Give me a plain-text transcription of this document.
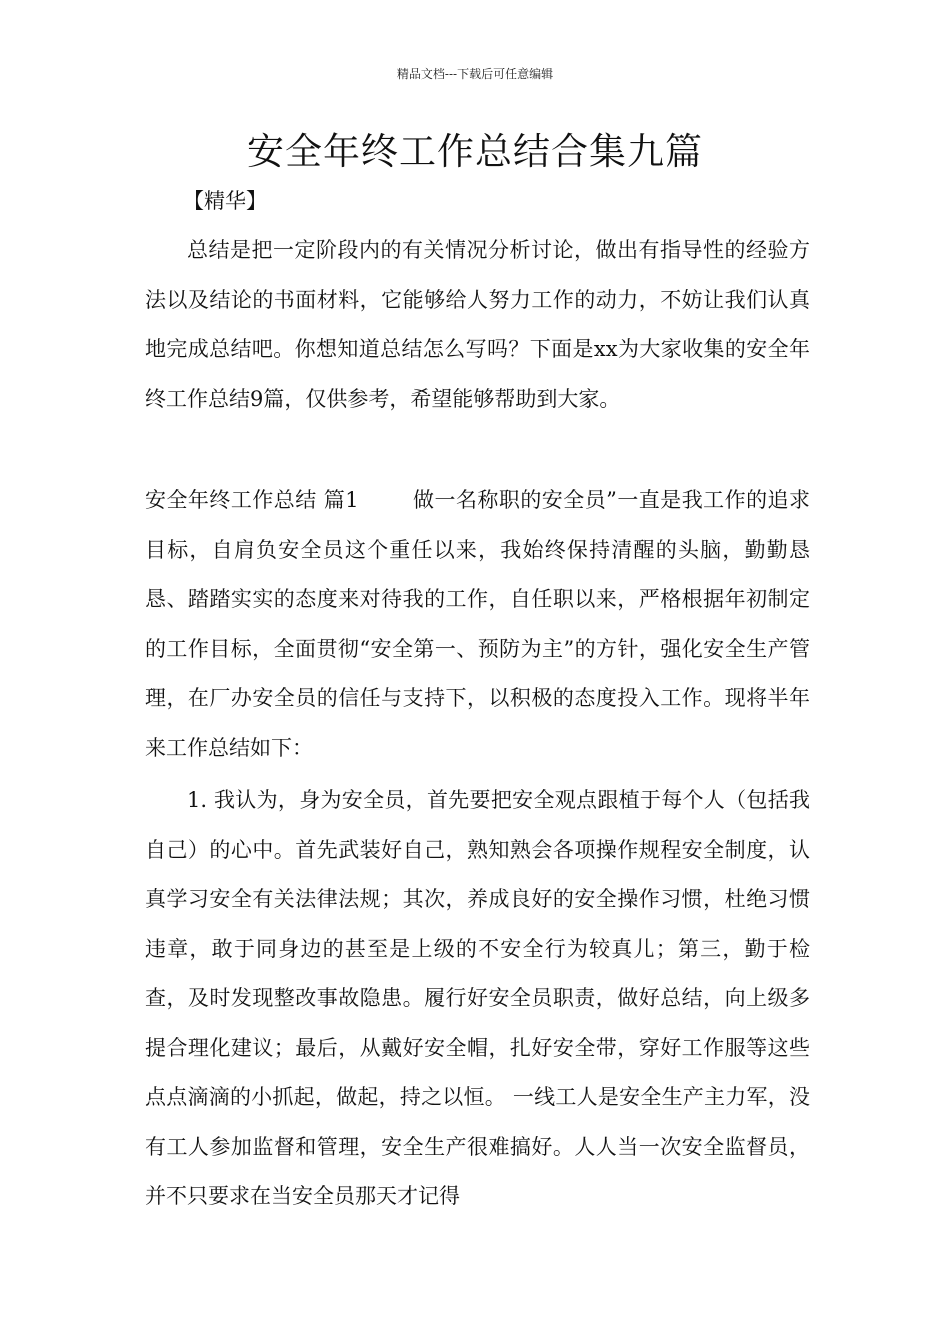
精品文档---下载后可任意编辑
安全年终工作总结合集九篇
【精华】

总结是把一定阶段内的有关情况分析讨论，做出有指导性的经验方法以及结论的书面材料，它能够给人努力工作的动力，不妨让我们认真地完成总结吧。你想知道总结怎么写吗？下面是xx为大家收集的安全年终工作总结9篇，仅供参考，希望能够帮助到大家。

安全年终工作总结 篇1	做一名称职的安全员”一直是我工作的追求目标，自肩负安全员这个重任以来，我始终保持清醒的头脑，勤勤恳恳、踏踏实实的态度来对待我的工作，自任职以来，严格根据年初制定的工作目标，全面贯彻“安全第一、预防为主”的方针，强化安全生产管理，在厂办安全员的信任与支持下，以积极的态度投入工作。现将半年来工作总结如下：

1. 我认为，身为安全员，首先要把安全观点跟植于每个人（包括我自己）的心中。首先武装好自己，熟知熟会各项操作规程安全制度，认真学习安全有关法律法规；其次，养成良好的安全操作习惯，杜绝习惯违章，敢于同身边的甚至是上级的不安全行为较真儿；第三，勤于检查，及时发现整改事故隐患。履行好安全员职责，做好总结，向上级多提合理化建议；最后，从戴好安全帽，扎好安全带，穿好工作服等这些点点滴滴的小抓起，做起，持之以恒。 一线工人是安全生产主力军，没有工人参加监督和管理，安全生产很难搞好。人人当一次安全监督员，并不只要求在当安全员那天才记得
